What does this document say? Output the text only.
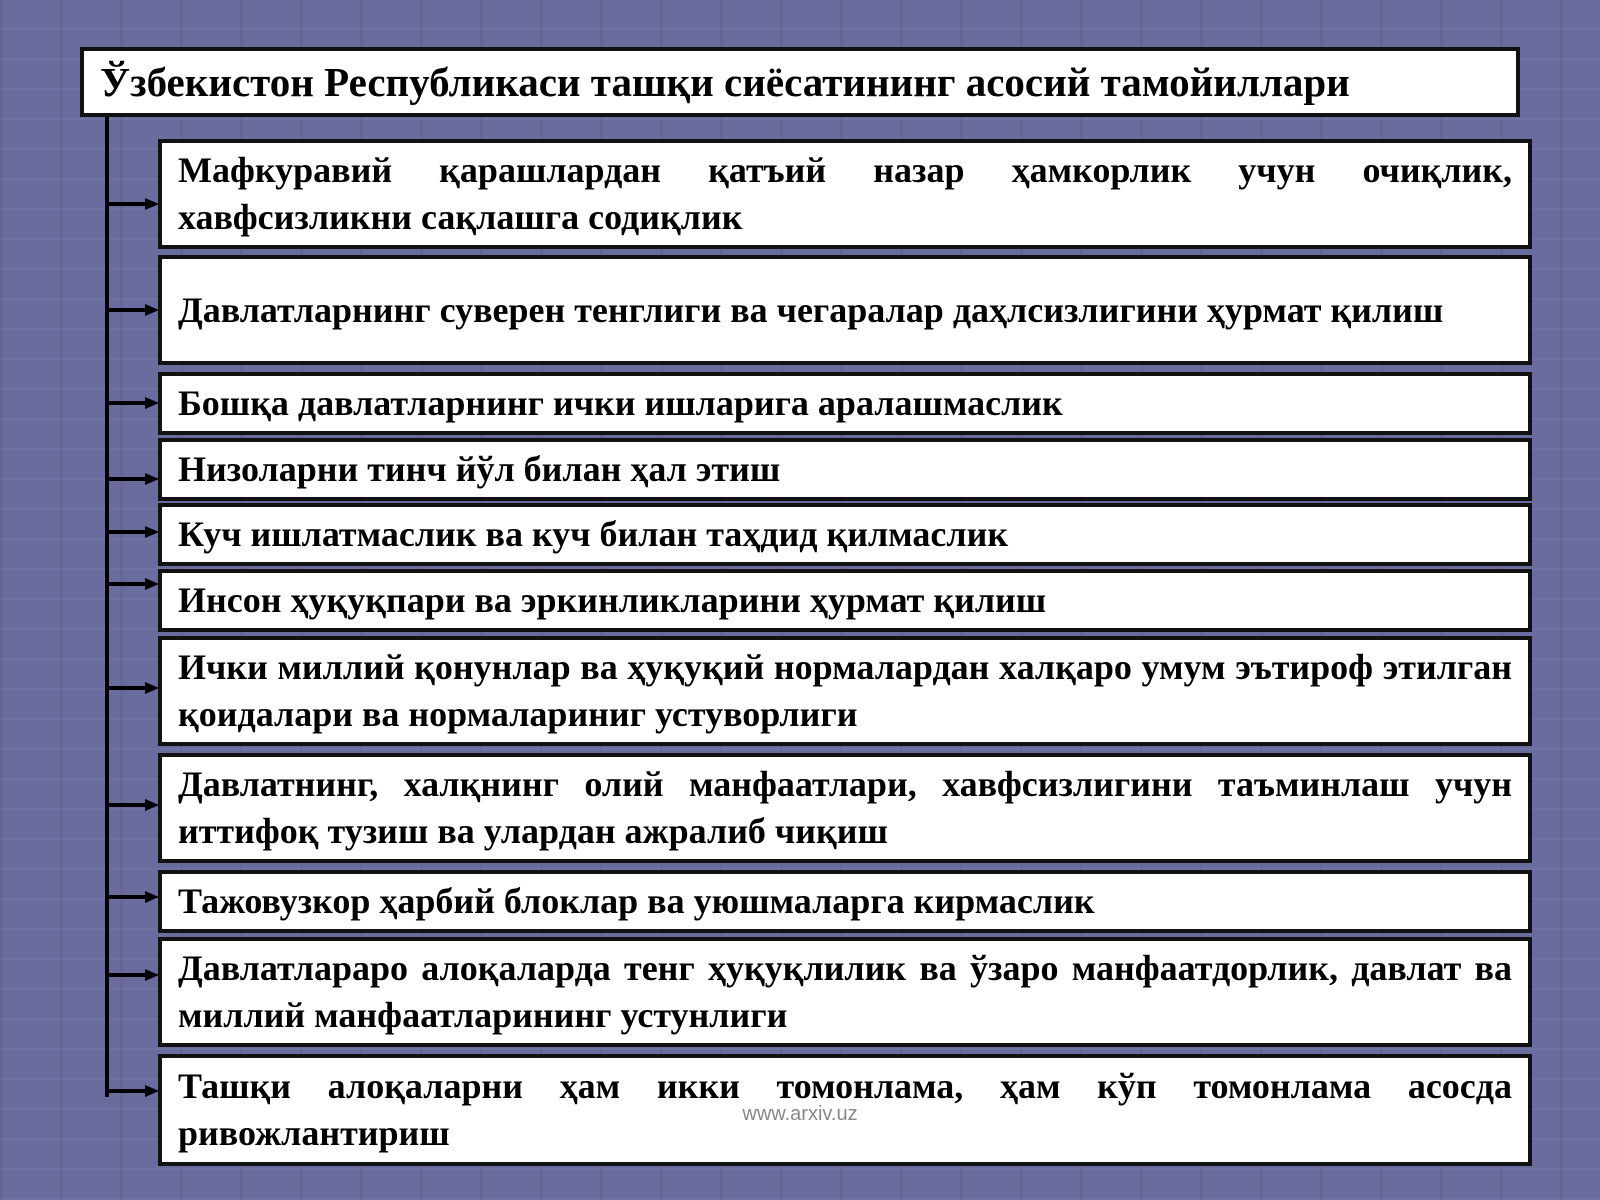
Ўзбекистон Республикаси ташқи сиёсатининг асосий тамойиллари
Мафкуравий қарашлардан қатъий назар ҳамкорлик учун очиқлик, хавфсизликни сақлашга содиқлик
Давлатларнинг суверен тенглиги ва чегаралар даҳлсизлигини ҳурмат қилиш
Бошқа давлатларнинг ички ишларига аралашмаслик
Низоларни тинч йўл билан ҳал этиш
Куч ишлатмаслик ва куч билан таҳдид қилмаслик
Инсон ҳуқуқпари ва эркинликларини ҳурмат қилиш
Ички миллий қонунлар ва ҳуқуқий нормалардан халқаро умум эътироф этилган қоидалари ва нормалариниг устуворлиги
Давлатнинг, халқнинг олий манфаатлари, хавфсизлигини таъминлаш учун иттифоқ тузиш ва улардан ажралиб чиқиш
Тажовузкор ҳарбий блоклар ва уюшмаларга кирмаслик
Давлатлараро алоқаларда тенг ҳуқуқлилик ва ўзаро манфаатдорлик, давлат ва миллий манфаатларининг устунлиги
Ташқи алоқаларни ҳам икки томонлама, ҳам кўп томонлама асосда ривожлантириш	www.arxiv.uz
